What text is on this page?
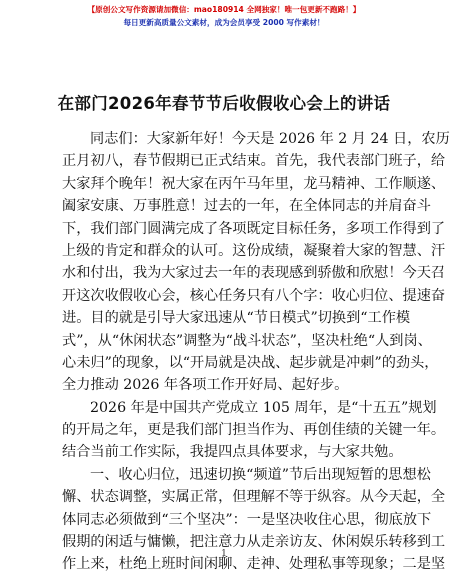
【原创公文写作资源请加微信：mao180914 全网独家！唯一包更新不跑路！】
每日更新高质量公文素材，成为会员享受 2000 写作素材！
在部门2026年春节节后收假收心会上的讲话
同志们：大家新年好！今天是 2026 年 2 月 24 日，农历
正月初八，春节假期已正式结束。首先，我代表部门班子，给
大家拜个晚年！祝大家在丙午马年里，龙马精神、工作顺遂、
阖家安康、万事胜意！过去的一年，在全体同志的并肩奋斗
下，我们部门圆满完成了各项既定目标任务，多项工作得到了
上级的肯定和群众的认可。这份成绩，凝聚着大家的智慧、汗
水和付出，我为大家过去一年的表现感到骄傲和欣慰！今天召
开这次收假收心会，核心任务只有八个字：收心归位、提速奋
进。目的就是引导大家迅速从“节日模式”切换到“工作模
式”，从“休闲状态”调整为“战斗状态”，坚决杜绝“人到岗、
心未归”的现象，以“开局就是决战、起步就是冲刺”的劲头，
全力推动 2026 年各项工作开好局、起好步。
2026 年是中国共产党成立 105 周年，是“十五五”规划
的开局之年，更是我们部门担当作为、再创佳绩的关键一年。
结合当前工作实际，我提四点具体要求，与大家共勉。
一、收心归位，迅速切换“频道”节后出现短暂的思想松
懈、状态调整，实属正常，但理解不等于纵容。从今天起，全
体同志必须做到“三个坚决”：一是坚决收住心思，彻底放下
假期的闲适与慵懒，把注意力从走亲访友、休闲娱乐转移到工
作上来，杜绝上班时间闲聊、走神、处理私事等现象；二是坚
1
